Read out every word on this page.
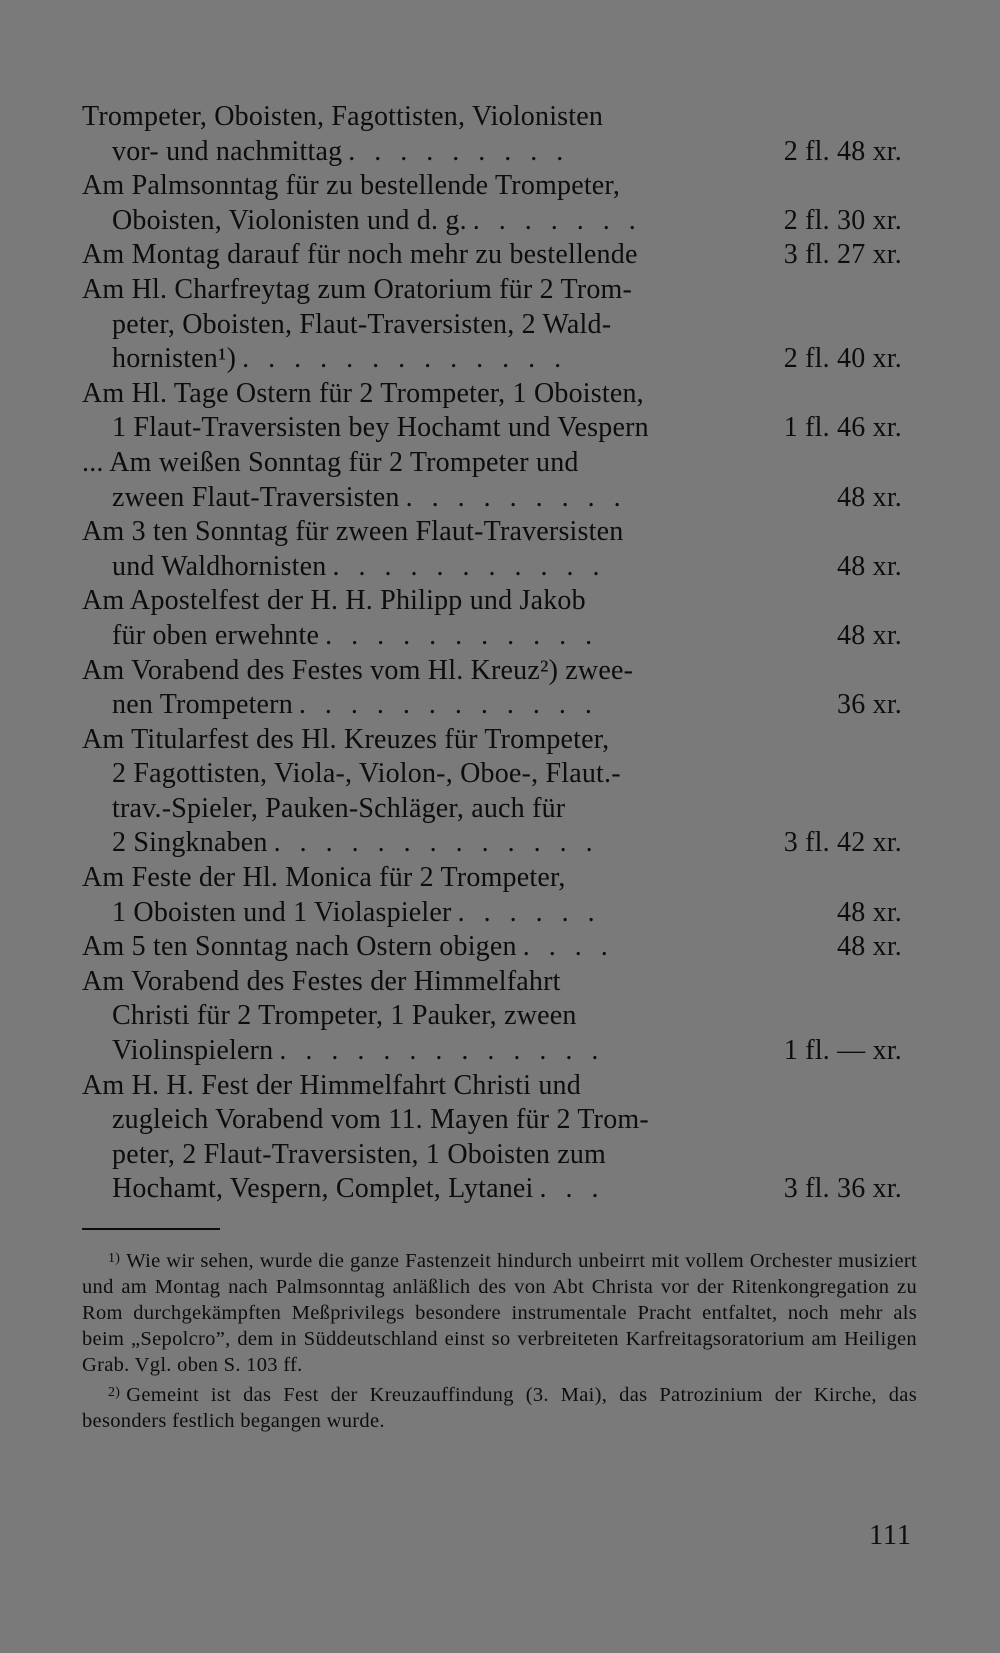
Trompeter, Oboisten, Fagottisten, Violonisten
vor- und nachmittag . . . . . . . . .	2 fl. 48 xr.
Am Palmsonntag für zu bestellende Trompeter,
Oboisten, Violonisten und d. g. . . . . . . .	2 fl. 30 xr.
Am Montag darauf für noch mehr zu bestellende	3 fl. 27 xr.
Am Hl. Charfreytag zum Oratorium für 2 Trom-
peter, Oboisten, Flaut-Traversisten, 2 Wald-
hornisten¹) . . . . . . . . . . . . .	2 fl. 40 xr.
Am Hl. Tage Ostern für 2 Trompeter, 1 Oboisten,
1 Flaut-Traversisten bey Hochamt und Vespern	1 fl. 46 xr.
... Am weißen Sonntag für 2 Trompeter und
zween Flaut-Traversisten . . . . . . . . .	48 xr.
Am 3 ten Sonntag für zween Flaut-Traversisten
und Waldhornisten . . . . . . . . . . .	48 xr.
Am Apostelfest der H. H. Philipp und Jakob
für oben erwehnte . . . . . . . . . . .	48 xr.
Am Vorabend des Festes vom Hl. Kreuz²) zwee-
nen Trompetern . . . . . . . . . . . .	36 xr.
Am Titularfest des Hl. Kreuzes für Trompeter,
2 Fagottisten, Viola-, Violon-, Oboe-, Flaut.-
trav.-Spieler, Pauken-Schläger, auch für
2 Singknaben . . . . . . . . . . . . .	3 fl. 42 xr.
Am Feste der Hl. Monica für 2 Trompeter,
1 Oboisten und 1 Violaspieler . . . . . .	48 xr.
Am 5 ten Sonntag nach Ostern obigen . . . .	48 xr.
Am Vorabend des Festes der Himmelfahrt
Christi für 2 Trompeter, 1 Pauker, zween
Violinspielern . . . . . . . . . . . . .	1 fl. — xr.
Am H. H. Fest der Himmelfahrt Christi und
zugleich Vorabend vom 11. Mayen für 2 Trom-
peter, 2 Flaut-Traversisten, 1 Oboisten zum
Hochamt, Vespern, Complet, Lytanei . . .	3 fl. 36 xr.

$^{1)}$ Wie wir sehen, wurde die ganze Fastenzeit hindurch unbeirrt mit vollem Orchester musiziert und am Montag nach Palmsonntag anläßlich des von Abt Christa vor der Ritenkongregation zu Rom durchgekämpften Meßprivilegs besondere instrumentale Pracht entfaltet, noch mehr als beim „Sepolcro”, dem in Süddeutschland einst so verbreiteten Karfreitagsoratorium am Heiligen Grab. Vgl. oben S. 103 ff.

$^{2)}$ Gemeint ist das Fest der Kreuzauffindung (3. Mai), das Patrozinium der Kirche, das besonders festlich begangen wurde.

111
